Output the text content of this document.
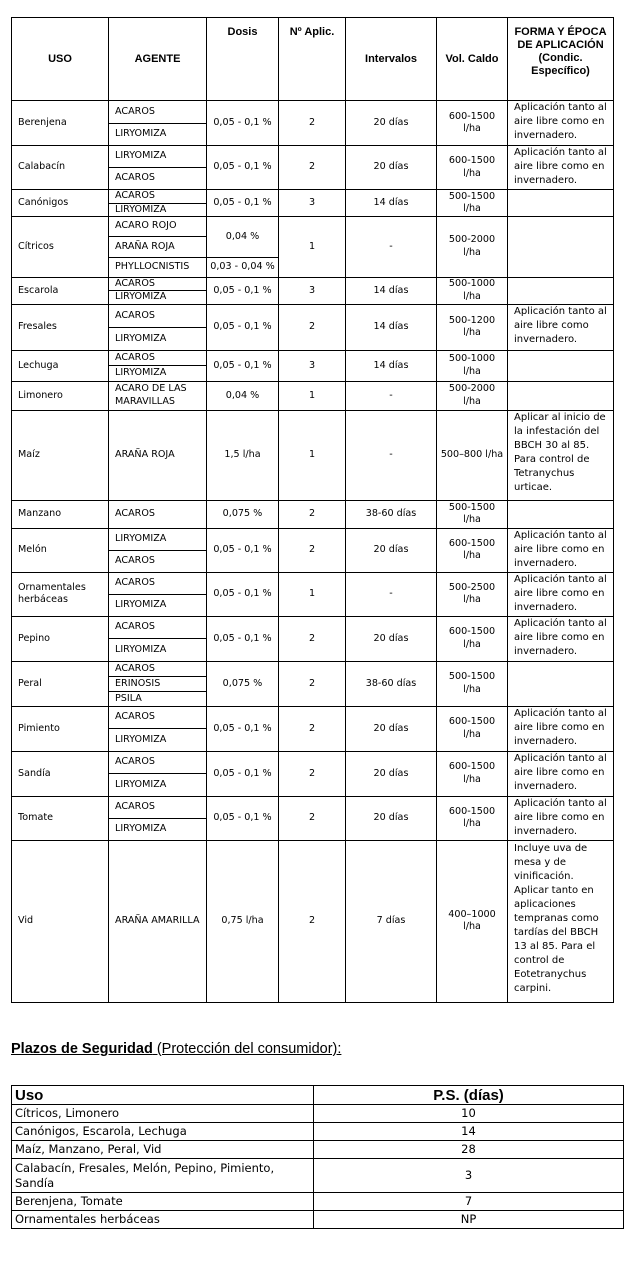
USO	AGENTE	Dosis	Nº Aplic.	Intervalos	Vol. Caldo	FORMA Y ÉPOCA DE APLICACIÓN (Condic. Específico)
Berenjena	ACAROS	0,05 - 0,1 %	2	20 días	600-1500 l/ha	Aplicación tanto al aire libre como en invernadero.
	LIRYOMIZA					
Calabacín	LIRYOMIZA	0,05 - 0,1 %	2	20 días	600-1500 l/ha	Aplicación tanto al aire libre como en invernadero.
	ACAROS					
Canónigos	ACAROS	0,05 - 0,1 %	3	14 días	500-1500 l/ha	
	LIRYOMIZA					
Cítricos	ACARO ROJO	0,04 %	1	-	500-2000 l/ha	
	ARAÑA ROJA					
	PHYLLOCNISTIS	0,03 - 0,04 %				
Escarola	ACAROS	0,05 - 0,1 %	3	14 días	500-1000 l/ha	
	LIRYOMIZA					
Fresales	ACAROS	0,05 - 0,1 %	2	14 días	500-1200 l/ha	Aplicación tanto al aire libre como invernadero.
	LIRYOMIZA					
Lechuga	ACAROS	0,05 - 0,1 %	3	14 días	500-1000 l/ha	
	LIRYOMIZA					
Limonero	ACARO DE LAS MARAVILLAS	0,04 %	1	-	500-2000 l/ha	
Maíz	ARAÑA ROJA	1,5 l/ha	1	-	500–800 l/ha	Aplicar al inicio de la infestación del BBCH 30 al 85. Para control de Tetranychus urticae.
Manzano	ACAROS	0,075 %	2	38-60 días	500-1500 l/ha	
Melón	LIRYOMIZA	0,05 - 0,1 %	2	20 días	600-1500 l/ha	Aplicación tanto al aire libre como en invernadero.
	ACAROS					
Ornamentales herbáceas	ACAROS	0,05 - 0,1 %	1	-	500-2500 l/ha	Aplicación tanto al aire libre como en invernadero.
	LIRYOMIZA					
Pepino	ACAROS	0,05 - 0,1 %	2	20 días	600-1500 l/ha	Aplicación tanto al aire libre como en invernadero.
	LIRYOMIZA					
Peral	ACAROS	0,075 %	2	38-60 días	500-1500 l/ha	
	ERINOSIS					
	PSILA					
Pimiento	ACAROS	0,05 - 0,1 %	2	20 días	600-1500 l/ha	Aplicación tanto al aire libre como en invernadero.
	LIRYOMIZA					
Sandía	ACAROS	0,05 - 0,1 %	2	20 días	600-1500 l/ha	Aplicación tanto al aire libre como en invernadero.
	LIRYOMIZA					
Tomate	ACAROS	0,05 - 0,1 %	2	20 días	600-1500 l/ha	Aplicación tanto al aire libre como en invernadero.
	LIRYOMIZA					
Vid	ARAÑA AMARILLA	0,75 l/ha	2	7 días	400–1000 l/ha	Incluye uva de mesa y de vinificación. Aplicar tanto en aplicaciones tempranas como tardías del BBCH 13 al 85. Para el control de Eotetranychus carpini.
Plazos de Seguridad (Protección del consumidor):
Uso	P.S. (días)
Cítricos, Limonero	10
Canónigos, Escarola, Lechuga	14
Maíz, Manzano, Peral, Vid	28
Calabacín, Fresales, Melón, Pepino, Pimiento, Sandía	3
Berenjena, Tomate	7
Ornamentales herbáceas	NP
